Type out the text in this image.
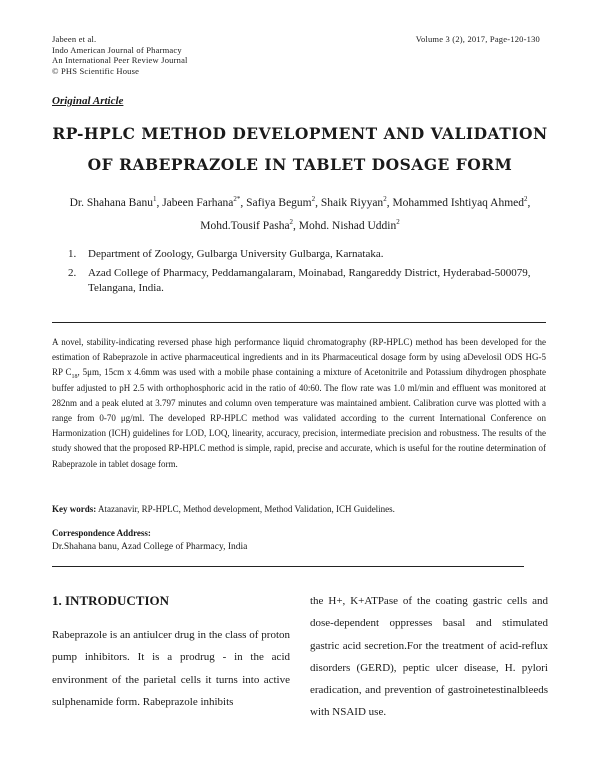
Jabeen et al.
Indo American Journal of Pharmacy
An International Peer Review Journal
© PHS Scientific House
Volume 3 (2), 2017, Page-120-130
Original Article
RP-HPLC METHOD DEVELOPMENT AND VALIDATION
OF RABEPRAZOLE IN TABLET DOSAGE FORM
Dr. Shahana Banu$^1$, Jabeen Farhana$^{2*}$, Safiya Begum$^2$, Shaik Riyyan$^2$, Mohammed Ishtiyaq Ahmed$^2$,
Mohd.Tousif Pasha$^2$, Mohd. Nishad Uddin$^2$
1. Department of Zoology, Gulbarga University Gulbarga, Karnataka.
2. Azad College of Pharmacy, Peddamangalaram, Moinabad, Rangareddy District, Hyderabad-500079, Telangana, India.
A novel, stability-indicating reversed phase high performance liquid chromatography (RP-HPLC) method has been developed for the estimation of Rabeprazole in active pharmaceutical ingredients and in its Pharmaceutical dosage form by using aDevelosil ODS HG-5 RP $C_{18}$, 5μm, 15cm x 4.6mm was used with a mobile phase containing a mixture of Acetonitrile and Potassium dihydrogen phosphate buffer adjusted to pH 2.5 with orthophosphoric acid in the ratio of 40:60. The flow rate was 1.0 ml/min and effluent was monitored at 282nm and a peak eluted at 3.797 minutes and column oven temperature was maintained ambient. Calibration curve was plotted with a range from 0-70 μg/ml. The developed RP-HPLC method was validated according to the current International Conference on Harmonization (ICH) guidelines for LOD, LOQ, linearity, accuracy, precision, intermediate precision and robustness. The results of the study showed that the proposed RP-HPLC method is simple, rapid, precise and accurate, which is useful for the routine determination of Rabeprazole in tablet dosage form.
Key words: Atazanavir, RP-HPLC, Method development, Method Validation, ICH Guidelines.
Correspondence Address:
Dr.Shahana banu, Azad College of Pharmacy, India
1. INTRODUCTION
Rabeprazole is an antiulcer drug in the class of proton pump inhibitors. It is a prodrug - in the acid environment of the parietal cells it turns into active sulphenamide form. Rabeprazole inhibits
the H+, K+ATPase of the coating gastric cells and dose-dependent oppresses basal and stimulated gastric acid secretion.For the treatment of acid-reflux disorders (GERD), peptic ulcer disease, H. pylori eradication, and prevention of gastroinetestinalbleeds with NSAID use.
